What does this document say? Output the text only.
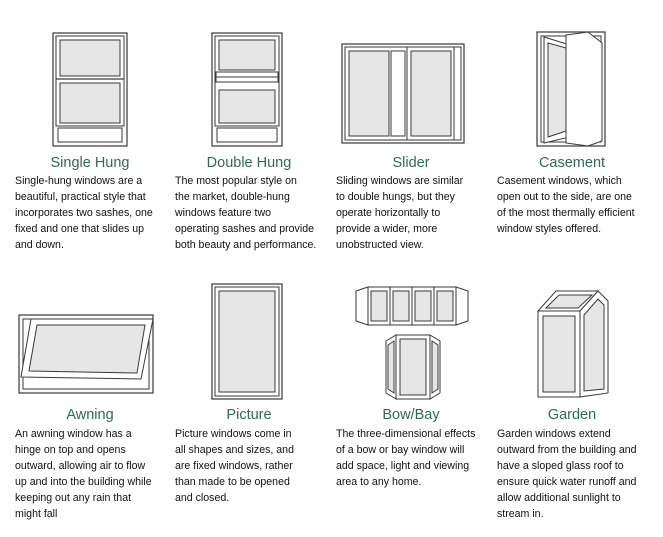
Single Hung
Single-hung windows are a
beautiful, practical style that
incorporates two sashes, one
fixed and one that slides up
and down.
Double Hung
The most popular style on
the market, double-hung
windows feature two
operating sashes and provide
both beauty and performance.
Slider
Sliding windows are similar
to double hungs, but they
operate horizontally to
provide a wider, more
unobstructed view.
Casement
Casement windows, which
open out to the side, are one
of the most thermally efficient
window styles offered.
Awning
An awning window has a
hinge on top and opens
outward, allowing air to flow
up and into the building while
keeping out any rain that
might fall
Picture
Picture windows come in
all shapes and sizes, and
are fixed windows, rather
than made to be opened
and closed.
Bow/Bay
The three-dimensional effects
of a bow or bay window will
add space, light and viewing
area to any home.
Garden
Garden windows extend
outward from the building and
have a sloped glass roof to
ensure quick water runoff and
allow additional sunlight to
stream in.
